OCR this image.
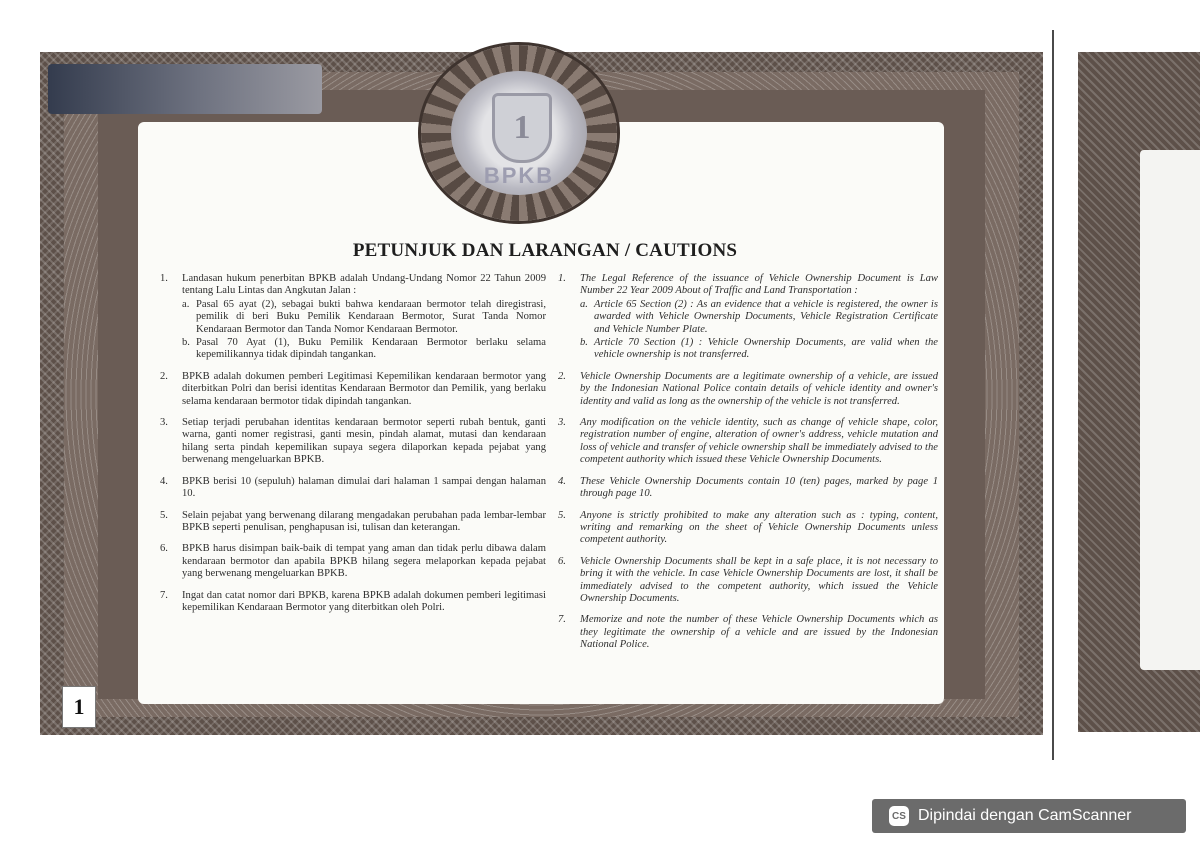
1
BPKB
PETUNJUK DAN LARANGAN / CAUTIONS
1.	Landasan hukum penerbitan BPKB adalah Undang-Undang Nomor 22 Tahun 2009 tentang Lalu Lintas dan Angkutan Jalan :
a. Pasal 65 ayat (2), sebagai bukti bahwa kendaraan bermotor telah diregistrasi, pemilik di beri Buku Pemilik Kendaraan Bermotor, Surat Tanda Nomor Kendaraan Bermotor dan Tanda Nomor Kendaraan Bermotor.
b. Pasal 70 Ayat (1), Buku Pemilik Kendaraan Bermotor berlaku selama kepemilikannya tidak dipindah tangankan.
2.	BPKB adalah dokumen pemberi Legitimasi Kepemilikan kendaraan bermotor yang diterbitkan Polri dan berisi identitas Kendaraan Bermotor dan Pemilik, yang berlaku selama kendaraan bermotor tidak dipindah tangankan.
3.	Setiap terjadi perubahan identitas kendaraan bermotor seperti rubah bentuk, ganti warna, ganti nomer registrasi, ganti mesin, pindah alamat, mutasi dan kendaraan hilang serta pindah kepemilikan supaya segera dilaporkan kepada pejabat yang berwenang mengeluarkan BPKB.
4.	BPKB berisi 10 (sepuluh) halaman dimulai dari halaman 1 sampai dengan halaman 10.
5.	Selain pejabat yang berwenang dilarang mengadakan perubahan pada lembar-lembar BPKB seperti penulisan, penghapusan isi, tulisan dan keterangan.
6.	BPKB harus disimpan baik-baik di tempat yang aman dan tidak perlu dibawa dalam kendaraan bermotor dan apabila BPKB hilang segera melaporkan kepada pejabat yang berwenang mengeluarkan BPKB.
7.	Ingat dan catat nomor dari BPKB, karena BPKB adalah dokumen pemberi legitimasi kepemilikan Kendaraan Bermotor yang diterbitkan oleh Polri.
1.	The Legal Reference of the issuance of Vehicle Ownership Document is Law Number 22 Year 2009 About of Traffic and Land Transportation :
a. Article 65 Section (2) : As an evidence that a vehicle is registered, the owner is awarded with Vehicle Ownership Documents, Vehicle Registration Certificate and Vehicle Number Plate.
b. Article 70 Section (1) : Vehicle Ownership Documents, are valid when the vehicle ownership is not transferred.
2.	Vehicle Ownership Documents are a legitimate ownership of a vehicle, are issued by the Indonesian National Police contain details of vehicle identity and owner's identity and valid as long as the ownership of the vehicle is not transferred.
3.	Any modification on the vehicle identity, such as change of vehicle shape, color, registration number of engine, alteration of owner's address, vehicle mutation and loss of vehicle and transfer of vehicle ownership shall be immediately advised to the competent authority which issued these Vehicle Ownership Documents.
4.	These Vehicle Ownership Documents contain 10 (ten) pages, marked by page 1 through page 10.
5.	Anyone is strictly prohibited to make any alteration such as : typing, content, writing and remarking on the sheet of Vehicle Ownership Documents unless competent authority.
6.	Vehicle Ownership Documents shall be kept in a safe place, it is not necessary to bring it with the vehicle. In case Vehicle Ownership Documents are lost, it shall be immediately advised to the competent authority, which issued the Vehicle Ownership Documents.
7.	Memorize and note the number of these Vehicle Ownership Documents which as they legitimate the ownership of a vehicle and are issued by the Indonesian National Police.
1
CS Dipindai dengan CamScanner
